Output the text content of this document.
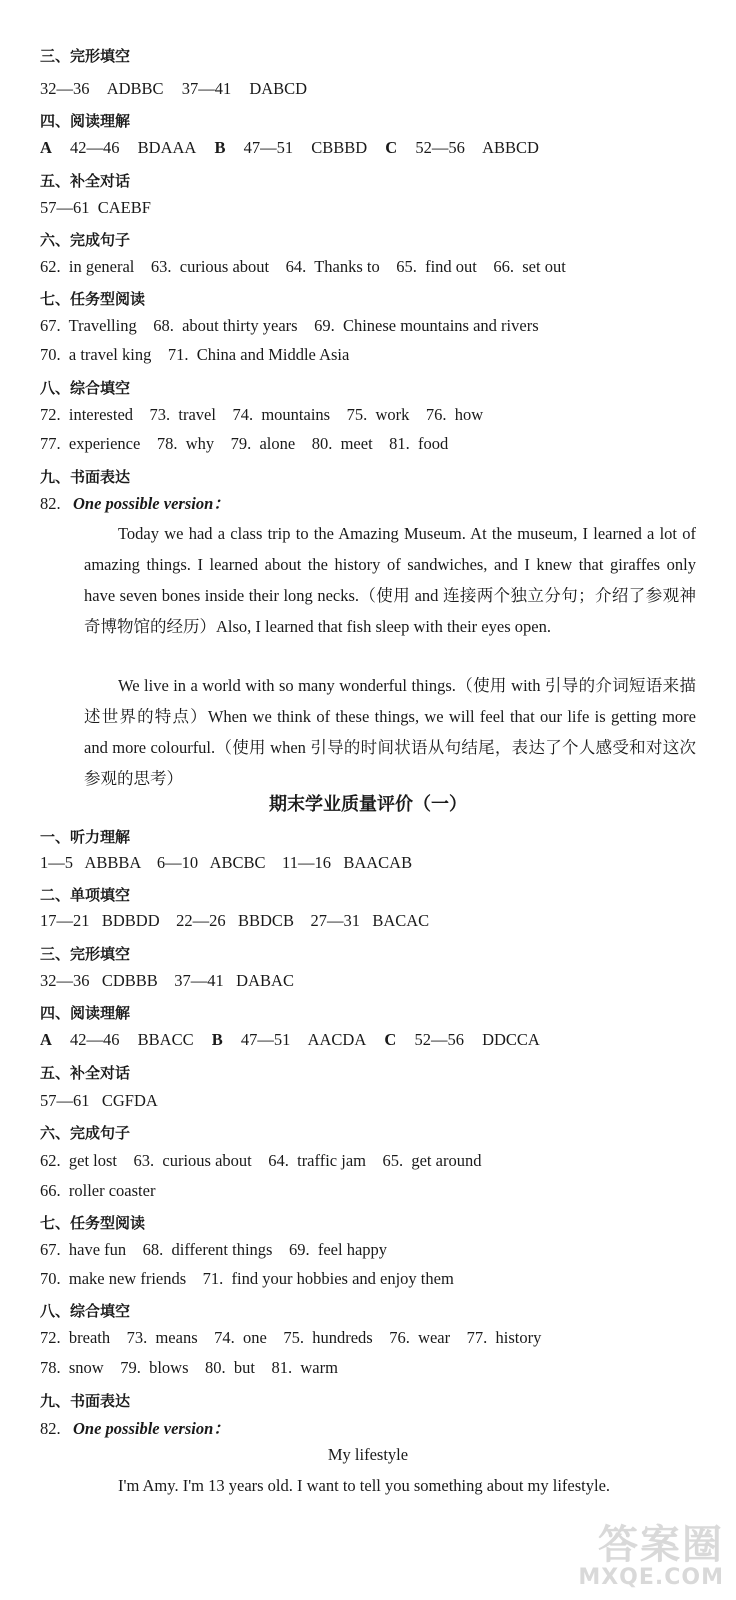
三、完形填空
32—36 ADBBC 37—41 DABCD
四、阅读理解
A 42—46 BDAAA B 47—51 CBBBD C 52—56 ABBCD
五、补全对话
57—61  CAEBF
六、完成句子
62.  in general    63.  curious about    64.  Thanks to    65.  find out    66.  set out
七、任务型阅读
67.  Travelling    68.  about thirty years    69.  Chinese mountains and rivers
70.  a travel king    71.  China and Middle Asia
八、综合填空
72.  interested    73.  travel    74.  mountains    75.  work    76.  how
77.  experience    78.  why    79.  alone    80.  meet    81.  food
九、书面表达
82. One possible version：
Today we had a class trip to the Amazing Museum. At the museum, I learned a lot of amazing things. I learned about the history of sandwiches, and I knew that giraffes only have seven bones inside their long necks.（使用 and 连接两个独立分句；介绍了参观神奇博物馆的经历）Also, I learned that fish sleep with their eyes open.
We live in a world with so many wonderful things.（使用 with 引导的介词短语来描述世界的特点）When we think of these things, we will feel that our life is getting more and more colourful.（使用 when 引导的时间状语从句结尾，表达了个人感受和对这次参观的思考）
期末学业质量评价（一）
一、听力理解
1—5   ABBBA    6—10   ABCBC    11—16   BAACAB
二、单项填空
17—21   BDBDD    22—26   BBDCB    27—31   BACAC
三、完形填空
32—36   CDBBB    37—41   DABAC
四、阅读理解
A 42—46 BBACC B 47—51 AACDA C 52—56 DDCCA
五、补全对话
57—61   CGFDA
六、完成句子
62.  get lost    63.  curious about    64.  traffic jam    65.  get around
66.  roller coaster
七、任务型阅读
67.  have fun    68.  different things    69.  feel happy
70.  make new friends    71.  find your hobbies and enjoy them
八、综合填空
72.  breath    73.  means    74.  one    75.  hundreds    76.  wear    77.  history
78.  snow    79.  blows    80.  but    81.  warm
九、书面表达
82. One possible version：
My lifestyle
I'm Amy. I'm 13 years old. I want to tell you something about my lifestyle.
答案圈
MXQE.COM
